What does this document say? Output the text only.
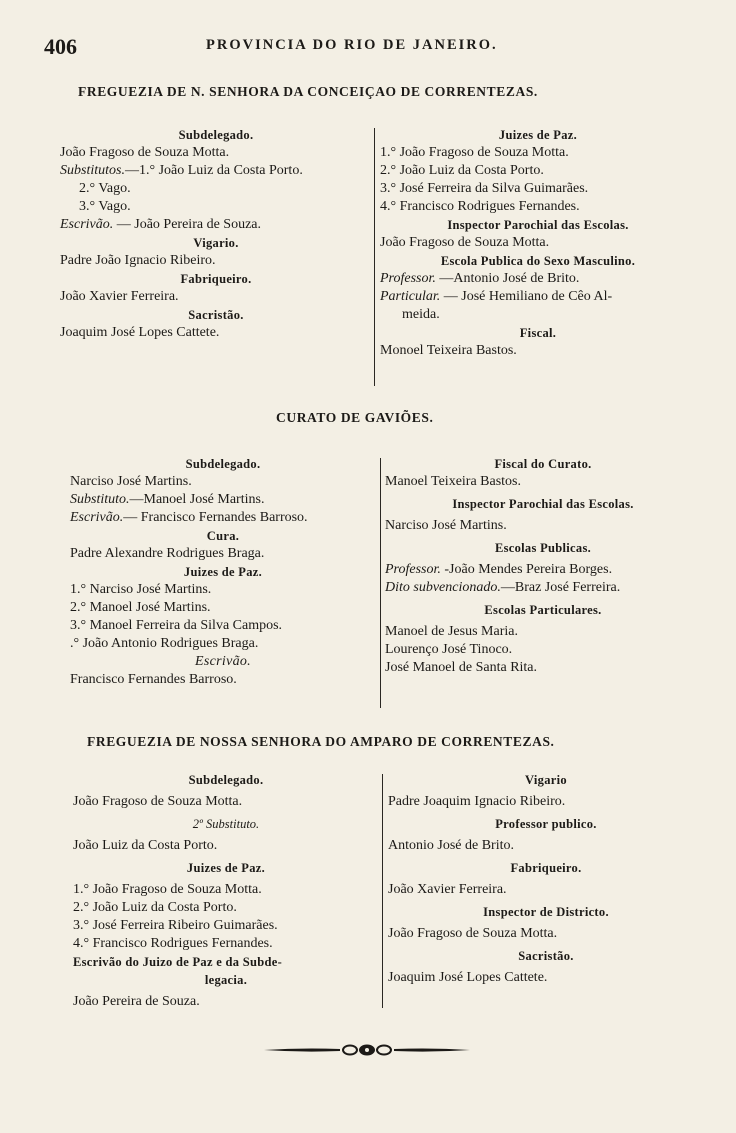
406	PROVINCIA DO RIO DE JANEIRO.
FREGUEZIA DE N. SENHORA DA CONCEIÇAO DE CORRENTEZAS.
Subdelegado.
João Fragoso de Souza Motta.
Substitutos.—1.° João Luiz da Costa Porto.
2.° Vago.
3.° Vago.
Escrivão. — João Pereira de Souza.
Vigario.
Padre João Ignacio Ribeiro.
Fabriqueiro.
João Xavier Ferreira.
Sacristão.
Joaquim José Lopes Cattete.
Juizes de Paz.
1.° João Fragoso de Souza Motta.
2.° João Luiz da Costa Porto.
3.° José Ferreira da Silva Guimarães.
4.° Francisco Rodrigues Fernandes.
Inspector Parochial das Escolas.
João Fragoso de Souza Motta.
Escola Publica do Sexo Masculino.
Professor. —Antonio José de Brito.
Particular. — José Hemiliano de Cêo Al-
meida.
Fiscal.
Monoel Teixeira Bastos.
CURATO DE GAVIÕES.
Subdelegado.
Narciso José Martins.
Substituto.—Manoel José Martins.
Escrivão.— Francisco Fernandes Barroso.
Cura.
Padre Alexandre Rodrigues Braga.
Juizes de Paz.
1.° Narciso José Martins.
2.° Manoel José Martins.
3.° Manoel Ferreira da Silva Campos.
.° João Antonio Rodrigues Braga.
Escrivão.
Francisco Fernandes Barroso.
Fiscal do Curato.
Manoel Teixeira Bastos.
Inspector Parochial das Escolas.
Narciso José Martins.
Escolas Publicas.
Professor. -João Mendes Pereira Borges.
Dito subvencionado.—Braz José Ferreira.
Escolas Particulares.
Manoel de Jesus Maria.
Lourenço José Tinoco.
José Manoel de Santa Rita.
FREGUEZIA DE NOSSA SENHORA DO AMPARO DE CORRENTEZAS.
Subdelegado.
João Fragoso de Souza Motta.
2º Substituto.
João Luiz da Costa Porto.
Juizes de Paz.
1.° João Fragoso de Souza Motta.
2.° João Luiz da Costa Porto.
3.° José Ferreira Ribeiro Guimarães.
4.° Francisco Rodrigues Fernandes.
Escrivão do Juizo de Paz e da Subde-
legacia.
João Pereira de Souza.
Vigario
Padre Joaquim Ignacio Ribeiro.
Professor publico.
Antonio José de Brito.
Fabriqueiro.
João Xavier Ferreira.
Inspector de Districto.
João Fragoso de Souza Motta.
Sacristão.
Joaquim José Lopes Cattete.
